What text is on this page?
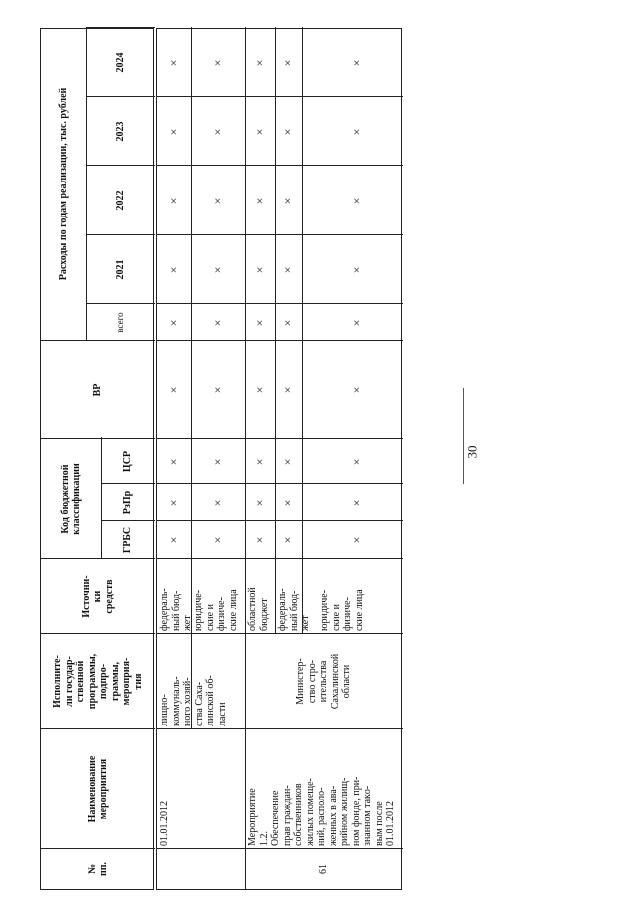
30
№
пп.
Наименование
мероприятия
Исполните-
ли государ-
ственной
программы,
подпро-
граммы,
мероприя-
тия
Источни-
ки
средств
Код бюджетной
классификации
ГРБС
РзПр
ЦСР
ВР
Расходы по годам реализации, тыс. рублей
всего
2021
2022
2023
2024
01.01.2012
лищно-
коммуналь-
ного хозяй-
ства Саха-
линской об-
ласти
федераль-
ный бюд-
жет юридиче-
ские и
физиче-
ские лица
61
Мероприятие
1.2.
Обеспечение
прав граждан-
собственников
жилых помеще-
ний, располо-
женных в ава-
рийном жилищ-
ном фонде, при-
знанном такo-
вым после
01.01.2012
Министер-
ство стро-
ительства
Сахалинской
области
областной
бюджет федераль-
ный бюд-
жет юридиче-
ские и
физиче-
ские лица
×
×
×
×
×
×
×
×
×
×
×
×
×
×
×
×
×
×
×
×
×
×
×
×
×
×
×
×
×
×
×
×
×
×
×
×
×
×
×
×
×
×
×
×
×
